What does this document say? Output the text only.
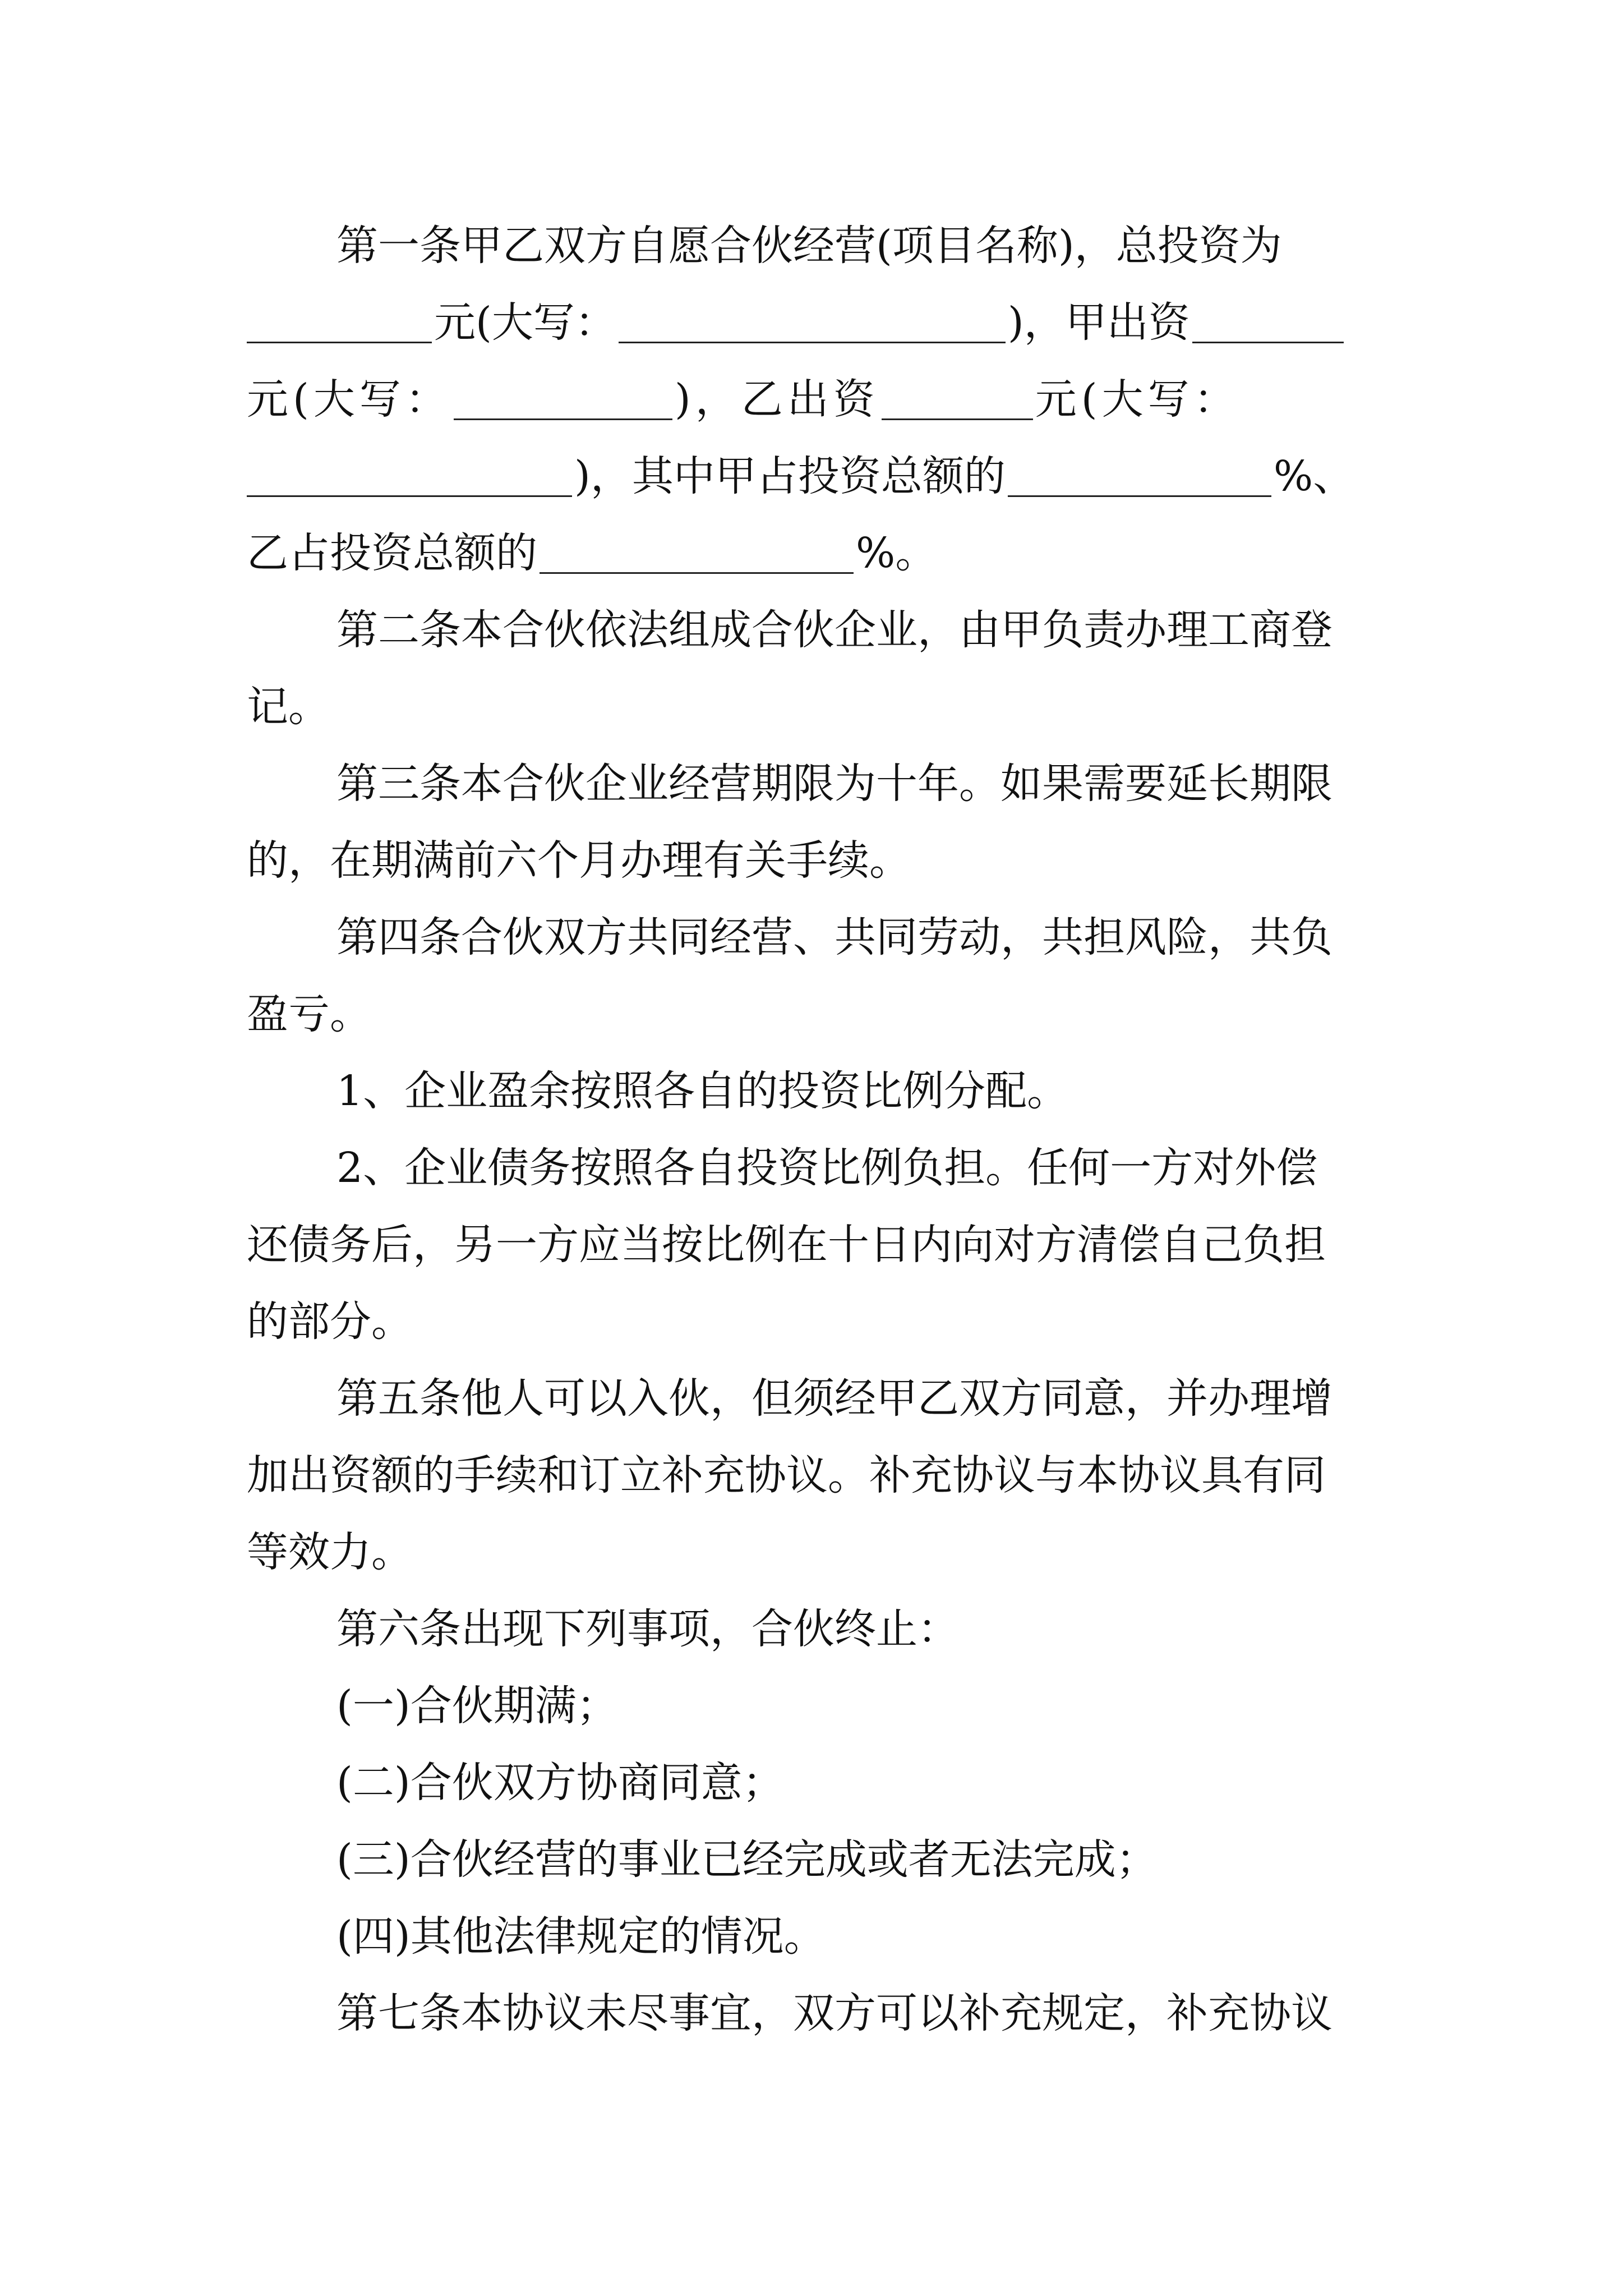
第一条甲乙双方自愿合伙经营(项目名称)，总投资为
元(大写：	)，甲出资
元(大写：	)，乙出资	元(大写：
)，其中甲占投资总额的	%、
乙占投资总额的	%。
第二条本合伙依法组成合伙企业，由甲负责办理工商登
记。
第三条本合伙企业经营期限为十年。如果需要延长期限
的，在期满前六个月办理有关手续。
第四条合伙双方共同经营、共同劳动，共担风险，共负
盈亏。
1、企业盈余按照各自的投资比例分配。
2、企业债务按照各自投资比例负担。任何一方对外偿
还债务后，另一方应当按比例在十日内向对方清偿自己负担
的部分。
第五条他人可以入伙，但须经甲乙双方同意，并办理增
加出资额的手续和订立补充协议。补充协议与本协议具有同
等效力。
第六条出现下列事项，合伙终止：
(一)合伙期满；
(二)合伙双方协商同意；
(三)合伙经营的事业已经完成或者无法完成；
(四)其他法律规定的情况。
第七条本协议未尽事宜，双方可以补充规定，补充协议
